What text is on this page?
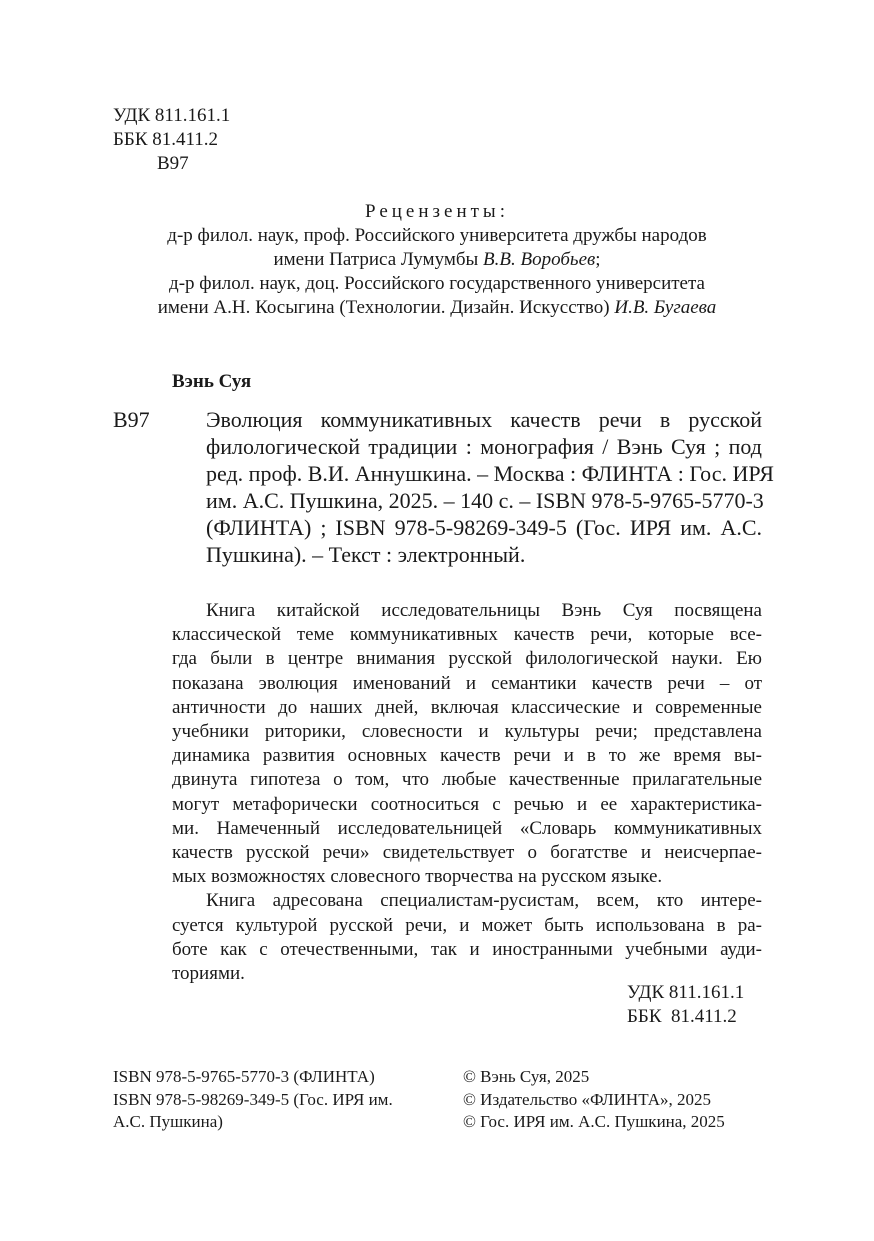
УДК 811.161.1
ББК 81.411.2
В97
Рецензенты:
д-р филол. наук, проф. Российского университета дружбы народов
имени Патриса Лумумбы В.В. Воробьев;
д-р филол. наук, доц. Российского государственного университета
имени А.Н. Косыгина (Технологии. Дизайн. Искусство) И.В. Бугаева
Вэнь Суя
В97	Эволюция коммуникативных качеств речи в русской
филологической традиции : монография / Вэнь Суя ; под
ред. проф. В.И. Аннушкина. – Москва : ФЛИНТА : Гос. ИРЯ
им. А.С. Пушкина, 2025. – 140 с. – ISBN 978-5-9765-5770-3
(ФЛИНТА) ; ISBN 978-5-98269-349-5 (Гос. ИРЯ им. А.С.
Пушкина). – Текст : электронный.
Книга китайской исследовательницы Вэнь Суя посвящена
классической теме коммуникативных качеств речи, которые все-
гда были в центре внимания русской филологической науки. Ею
показана эволюция именований и семантики качеств речи – от
античности до наших дней, включая классические и современные
учебники риторики, словесности и культуры речи; представлена
динамика развития основных качеств речи и в то же время вы-
двинута гипотеза о том, что любые качественные прилагательные
могут метафорически соотноситься с речью и ее характеристика-
ми. Намеченный исследовательницей «Словарь коммуникативных
качеств русской речи» свидетельствует о богатстве и неисчерпае-
мых возможностях словесного творчества на русском языке.
Книга адресована специалистам-русистам, всем, кто интере-
суется культурой русской речи, и может быть использована в ра-
боте как с отечественными, так и иностранными учебными ауди-
ториями.
УДК 811.161.1
ББК  81.411.2
ISBN 978-5-9765-5770-3 (ФЛИНТА)
ISBN 978-5-98269-349-5 (Гос. ИРЯ им.
А.С. Пушкина)
© Вэнь Суя, 2025
© Издательство «ФЛИНТА», 2025
© Гос. ИРЯ им. А.С. Пушкина, 2025
